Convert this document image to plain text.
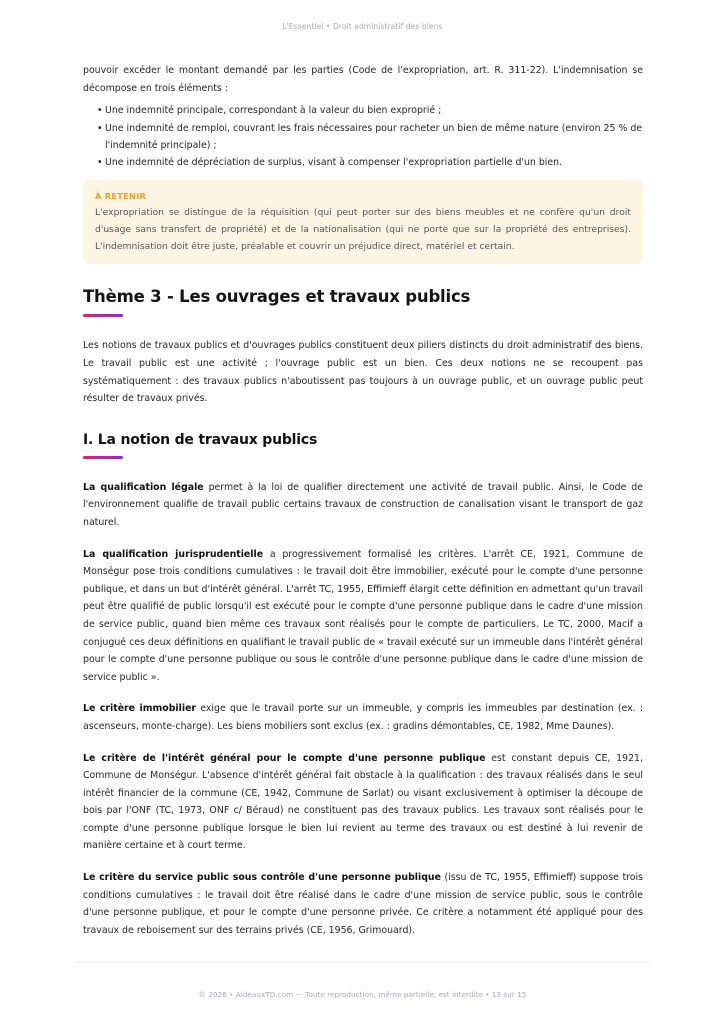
L'Essentiel • Droit administratif des biens

pouvoir excéder le montant demandé par les parties (Code de l'expropriation, art. R. 311-22). L'indemnisation se décompose en trois éléments :

• Une indemnité principale, correspondant à la valeur du bien exproprié ;
• Une indemnité de remploi, couvrant les frais nécessaires pour racheter un bien de même nature (environ 25 % de l'indemnité principale) ;
• Une indemnité de dépréciation de surplus, visant à compenser l'expropriation partielle d'un bien.
À RETENIR
L'expropriation se distingue de la réquisition (qui peut porter sur des biens meubles et ne confère qu'un droit d'usage sans transfert de propriété) et de la nationalisation (qui ne porte que sur la propriété des entreprises). L'indemnisation doit être juste, préalable et couvrir un préjudice direct, matériel et certain.
Thème 3 - Les ouvrages et travaux publics

Les notions de travaux publics et d'ouvrages publics constituent deux piliers distincts du droit administratif des biens. Le travail public est une activité ; l'ouvrage public est un bien. Ces deux notions ne se recoupent pas systématiquement : des travaux publics n'aboutissent pas toujours à un ouvrage public, et un ouvrage public peut résulter de travaux privés.

I. La notion de travaux publics

La qualification légale permet à la loi de qualifier directement une activité de travail public. Ainsi, le Code de l'environnement qualifie de travail public certains travaux de construction de canalisation visant le transport de gaz naturel.

La qualification jurisprudentielle a progressivement formalisé les critères. L'arrêt CE, 1921, Commune de Monségur pose trois conditions cumulatives : le travail doit être immobilier, exécuté pour le compte d'une personne publique, et dans un but d'intérêt général. L'arrêt TC, 1955, Effimieff élargit cette définition en admettant qu'un travail peut être qualifié de public lorsqu'il est exécuté pour le compte d'une personne publique dans le cadre d'une mission de service public, quand bien même ces travaux sont réalisés pour le compte de particuliers. Le TC, 2000, Macif a conjugué ces deux définitions en qualifiant le travail public de « travail exécuté sur un immeuble dans l'intérêt général pour le compte d'une personne publique ou sous le contrôle d'une personne publique dans le cadre d'une mission de service public ».

Le critère immobilier exige que le travail porte sur un immeuble, y compris les immeubles par destination (ex. : ascenseurs, monte-charge). Les biens mobiliers sont exclus (ex. : gradins démontables, CE, 1982, Mme Daunes).

Le critère de l'intérêt général pour le compte d'une personne publique est constant depuis CE, 1921, Commune de Monségur. L'absence d'intérêt général fait obstacle à la qualification : des travaux réalisés dans le seul intérêt financier de la commune (CE, 1942, Commune de Sarlat) ou visant exclusivement à optimiser la découpe de bois par l'ONF (TC, 1973, ONF c/ Béraud) ne constituent pas des travaux publics. Les travaux sont réalisés pour le compte d'une personne publique lorsque le bien lui revient au terme des travaux ou est destiné à lui revenir de manière certaine et à court terme.

Le critère du service public sous contrôle d'une personne publique (issu de TC, 1955, Effimieff) suppose trois conditions cumulatives : le travail doit être réalisé dans le cadre d'une mission de service public, sous le contrôle d'une personne publique, et pour le compte d'une personne privée. Ce critère a notamment été appliqué pour des travaux de reboisement sur des terrains privés (CE, 1956, Grimouard).

© 2026 • AideauxTD.com — Toute reproduction, même partielle, est interdite • 13 sur 15
